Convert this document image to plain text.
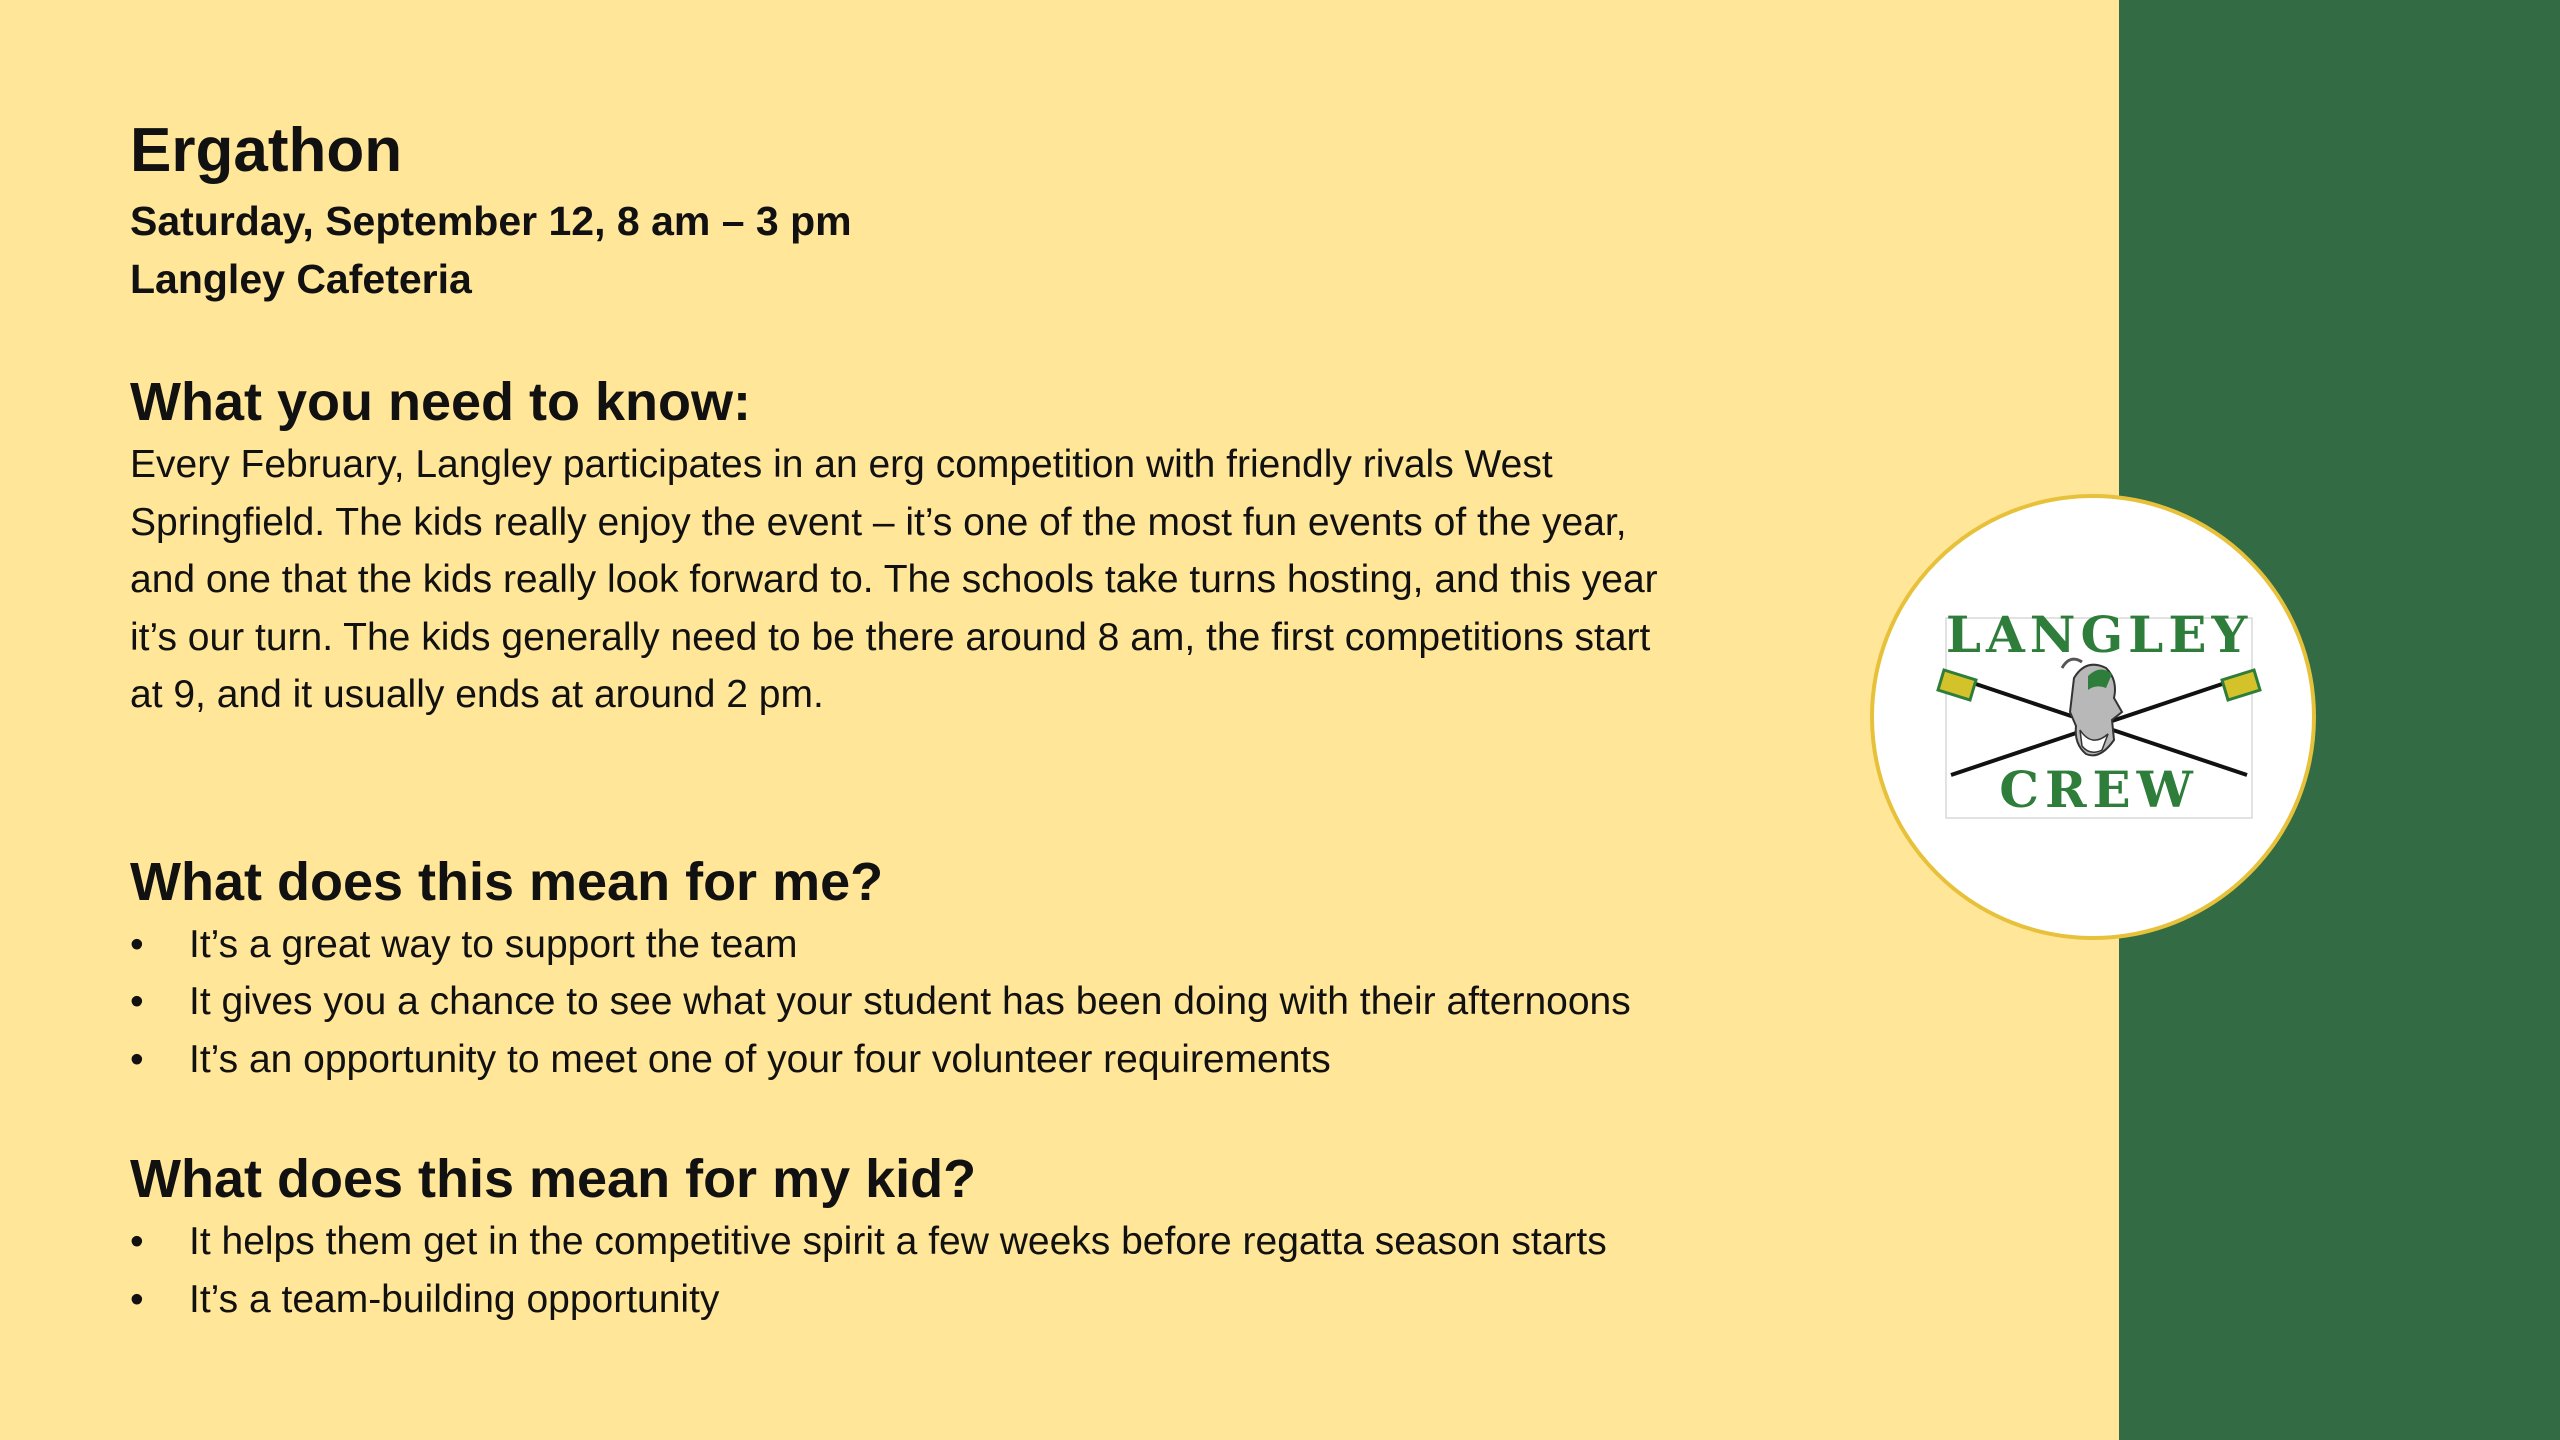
Ergathon

Saturday, September 12, 8 am – 3 pm

Langley Cafeteria

What you need to know:

Every February, Langley participates in an erg competition with friendly rivals West

Springfield. The kids really enjoy the event – it’s one of the most fun events of the year,

and one that the kids really look forward to. The schools take turns hosting, and this year

it’s our turn. The kids generally need to be there around 8 am, the first competitions start

at 9, and it usually ends at around 2 pm.

What does this mean for me?

• It’s a great way to support the team
• It gives you a chance to see what your student has been doing with their afternoons
• It’s an opportunity to meet one of your four volunteer requirements

What does this mean for my kid?

• It helps them get in the competitive spirit a few weeks before regatta season starts
• It’s a team-building opportunity
LANGLEY
CREW
